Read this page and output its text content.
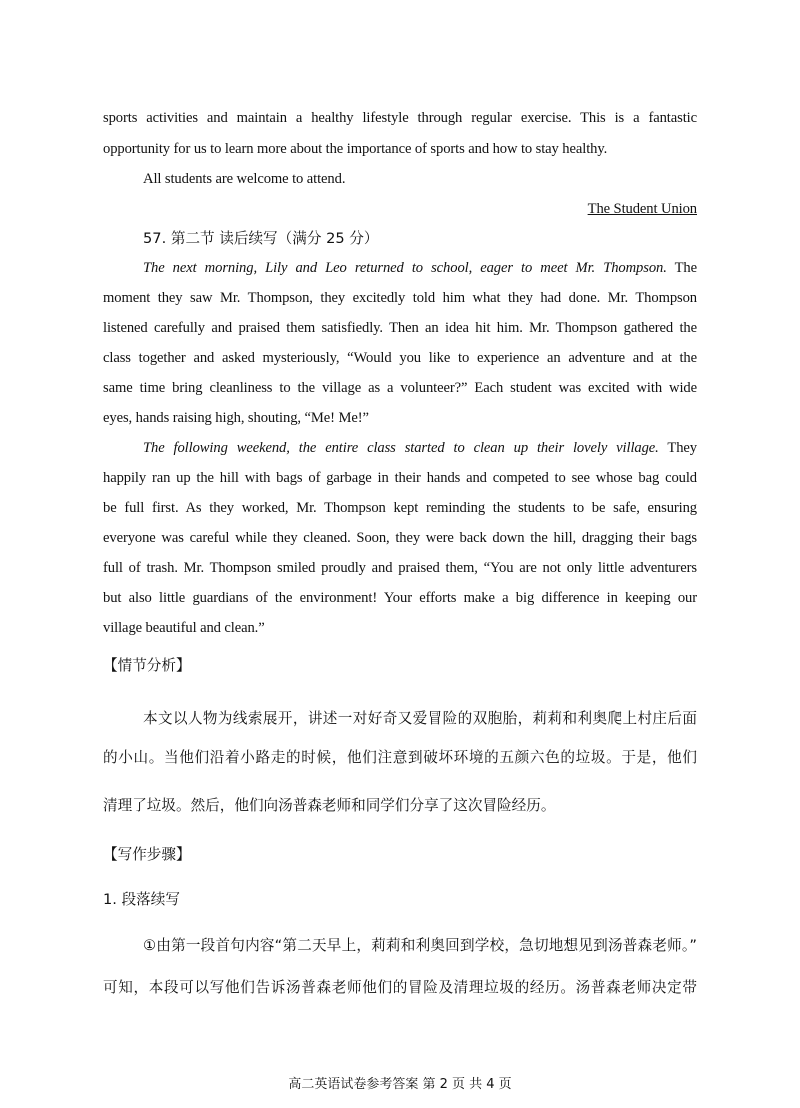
sports activities and maintain a healthy lifestyle through regular exercise. This is a fantastic
opportunity for us to learn more about the importance of sports and how to stay healthy.
All students are welcome to attend.
The Student Union
57. 第二节 读后续写（满分 25 分）
The next morning, Lily and Leo returned to school, eager to meet Mr. Thompson. The
moment they saw Mr. Thompson, they excitedly told him what they had done. Mr. Thompson
listened carefully and praised them satisfiedly. Then an idea hit him. Mr. Thompson gathered the
class together and asked mysteriously, “Would you like to experience an adventure and at the
same time bring cleanliness to the village as a volunteer?” Each student was excited with wide
eyes, hands raising high, shouting, “Me! Me!”
The following weekend, the entire class started to clean up their lovely village. They
happily ran up the hill with bags of garbage in their hands and competed to see whose bag could
be full first. As they worked, Mr. Thompson kept reminding the students to be safe, ensuring
everyone was careful while they cleaned. Soon, they were back down the hill, dragging their bags
full of trash. Mr. Thompson smiled proudly and praised them, “You are not only little adventurers
but also little guardians of the environment! Your efforts make a big difference in keeping our
village beautiful and clean.”
【情节分析】
本文以人物为线索展开，讲述一对好奇又爱冒险的双胞胎，莉莉和利奥爬上村庄后面
的小山。当他们沿着小路走的时候，他们注意到破坏环境的五颜六色的垃圾。于是，他们
清理了垃圾。然后，他们向汤普森老师和同学们分享了这次冒险经历。
【写作步骤】
1. 段落续写
①由第一段首句内容“第二天早上，莉莉和利奥回到学校，急切地想见到汤普森老师。”
可知，本段可以写他们告诉汤普森老师他们的冒险及清理垃圾的经历。汤普森老师决定带
高二英语试卷参考答案 第 2 页 共 4 页
